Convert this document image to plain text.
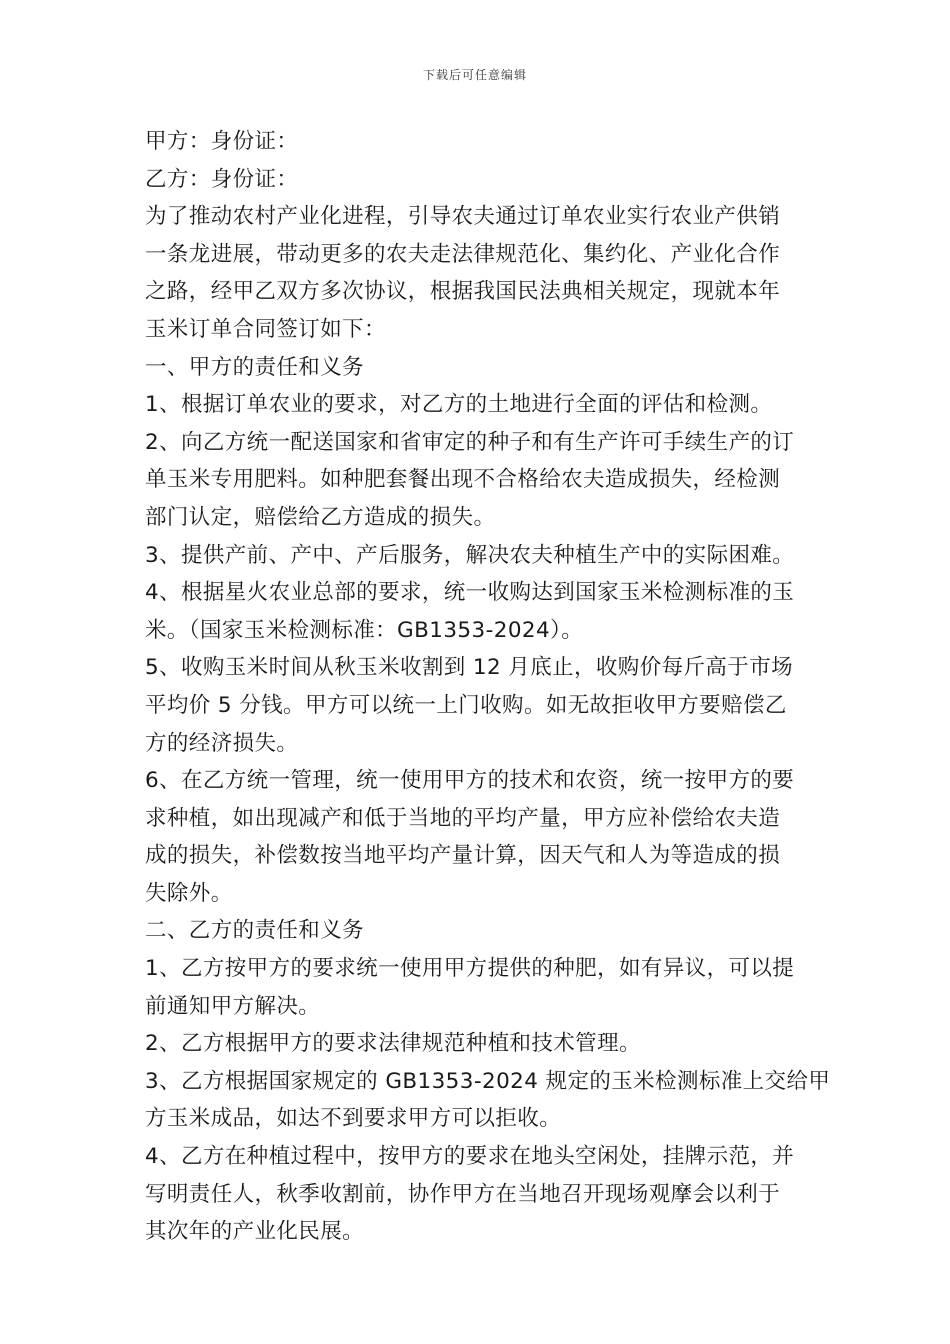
下载后可任意编辑
甲方：身份证：
乙方：身份证：
为了推动农村产业化进程，引导农夫通过订单农业实行农业产供销
一条龙进展，带动更多的农夫走法律规范化、集约化、产业化合作
之路，经甲乙双方多次协议，根据我国民法典相关规定，现就本年
玉米订单合同签订如下：
一、甲方的责任和义务
1、根据订单农业的要求，对乙方的土地进行全面的评估和检测。
2、向乙方统一配送国家和省审定的种子和有生产许可手续生产的订
单玉米专用肥料。如种肥套餐出现不合格给农夫造成损失，经检测
部门认定，赔偿给乙方造成的损失。
3、提供产前、产中、产后服务，解决农夫种植生产中的实际困难。
4、根据星火农业总部的要求，统一收购达到国家玉米检测标准的玉
米。（国家玉米检测标准：GB1353-2024）。
5、收购玉米时间从秋玉米收割到 12 月底止，收购价每斤高于市场
平均价 5 分钱。甲方可以统一上门收购。如无故拒收甲方要赔偿乙
方的经济损失。
6、在乙方统一管理，统一使用甲方的技术和农资，统一按甲方的要
求种植，如出现减产和低于当地的平均产量，甲方应补偿给农夫造
成的损失，补偿数按当地平均产量计算，因天气和人为等造成的损
失除外。
二、乙方的责任和义务
1、乙方按甲方的要求统一使用甲方提供的种肥，如有异议，可以提
前通知甲方解决。
2、乙方根据甲方的要求法律规范种植和技术管理。
3、乙方根据国家规定的 GB1353-2024 规定的玉米检测标准上交给甲
方玉米成品，如达不到要求甲方可以拒收。
4、乙方在种植过程中，按甲方的要求在地头空闲处，挂牌示范，并
写明责任人，秋季收割前，协作甲方在当地召开现场观摩会以利于
其次年的产业化民展。
